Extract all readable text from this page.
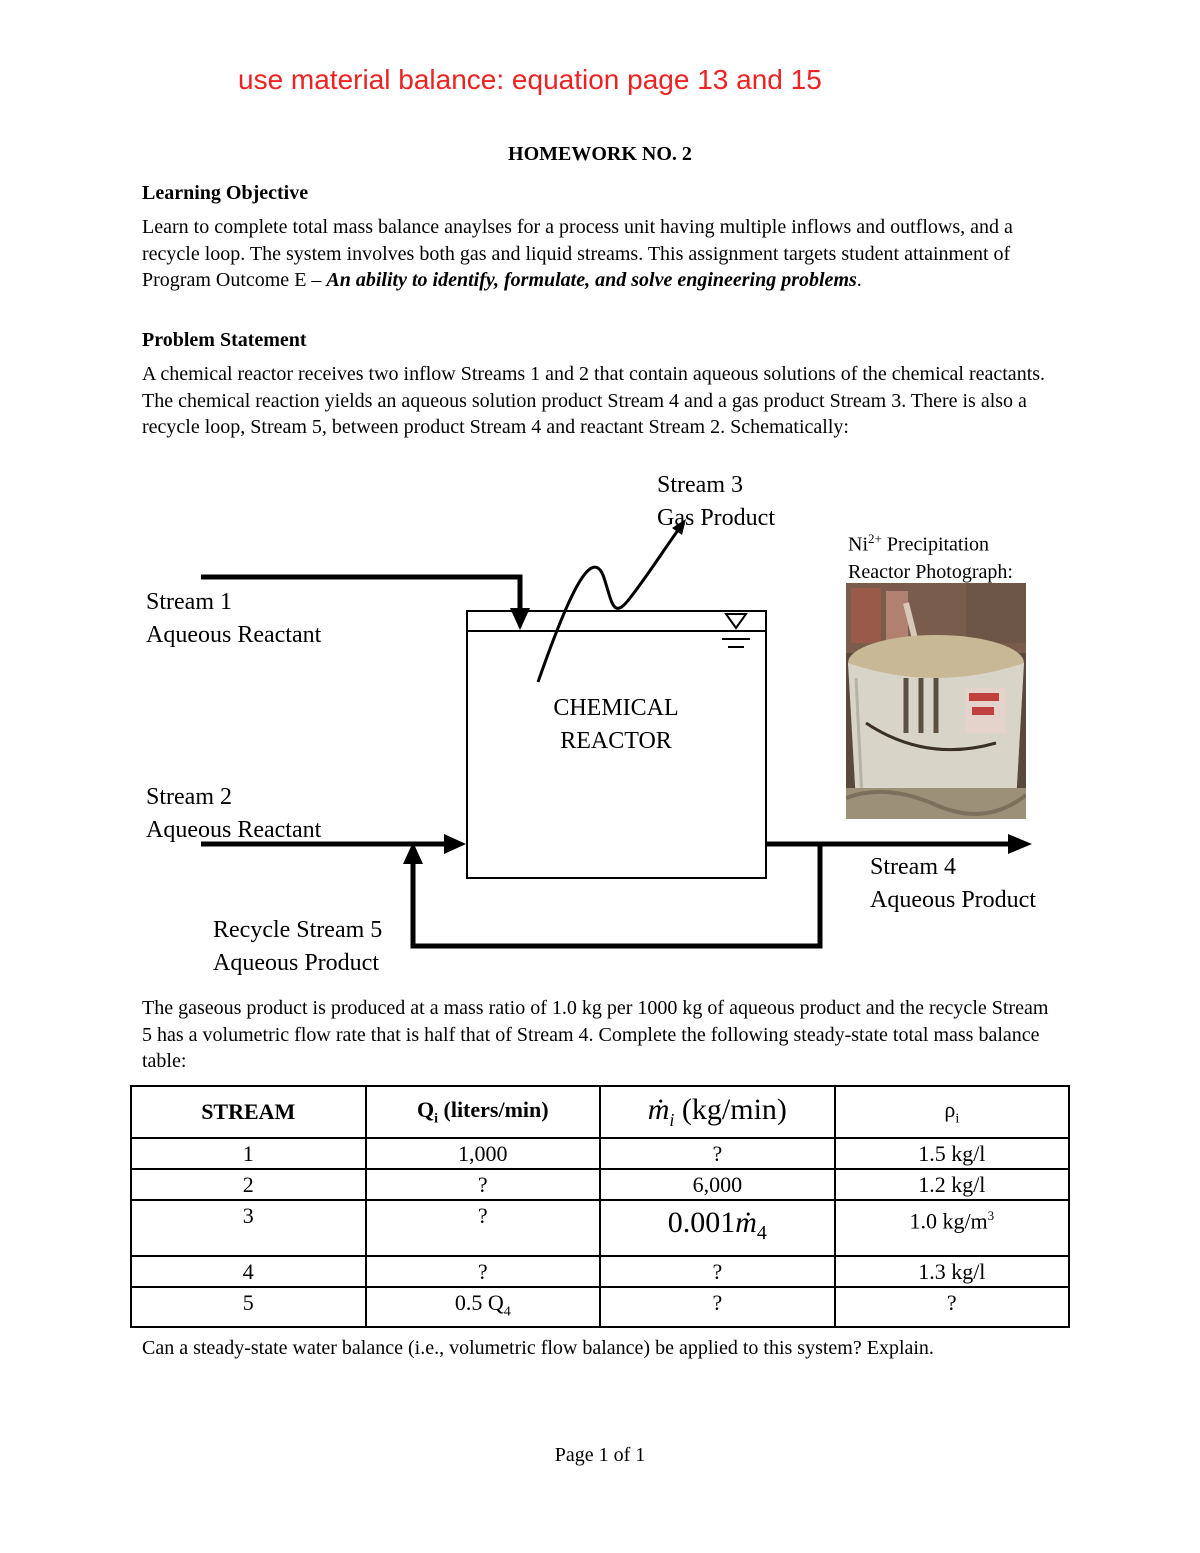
use material balance: equation page 13 and 15
HOMEWORK NO. 2
Learning Objective

Learn to complete total mass balance anaylses for a process unit having multiple inflows and outflows, and a recycle loop. The system involves both gas and liquid streams. This assignment targets student attainment of Program Outcome E – An ability to identify, formulate, and solve engineering problems.

Problem Statement

A chemical reactor receives two inflow Streams 1 and 2 that contain aqueous solutions of the chemical reactants. The chemical reaction yields an aqueous solution product Stream 4 and a gas product Stream 3. There is also a recycle loop, Stream 5, between product Stream 4 and reactant Stream 2. Schematically:

Stream 1
Aqueous Reactant
Stream 2
Aqueous Reactant
Stream 3
Gas Product
Stream 4
Aqueous Product
Recycle Stream 5
Aqueous Product
CHEMICAL
REACTOR
$Ni^{2+}$ Precipitation
Reactor Photograph:

The gaseous product is produced at a mass ratio of 1.0 kg per 1000 kg of aqueous product and the recycle Stream 5 has a volumetric flow rate that is half that of Stream 4. Complete the following steady-state total mass balance table:

STREAM	$Q_i$ (liters/min)	ṁ$_i$ (kg/min)	$\rho_i$
1	1,000	?	1.5 kg/l
2	?	6,000	1.2 kg/l
3	?	0.001ṁ$_4$	1.0 $kg/m^3$
4	?	?	1.3 kg/l
5	0.5 $Q_4$	?	?

Can a steady-state water balance (i.e., volumetric flow balance) be applied to this system? Explain.

Page 1 of 1
